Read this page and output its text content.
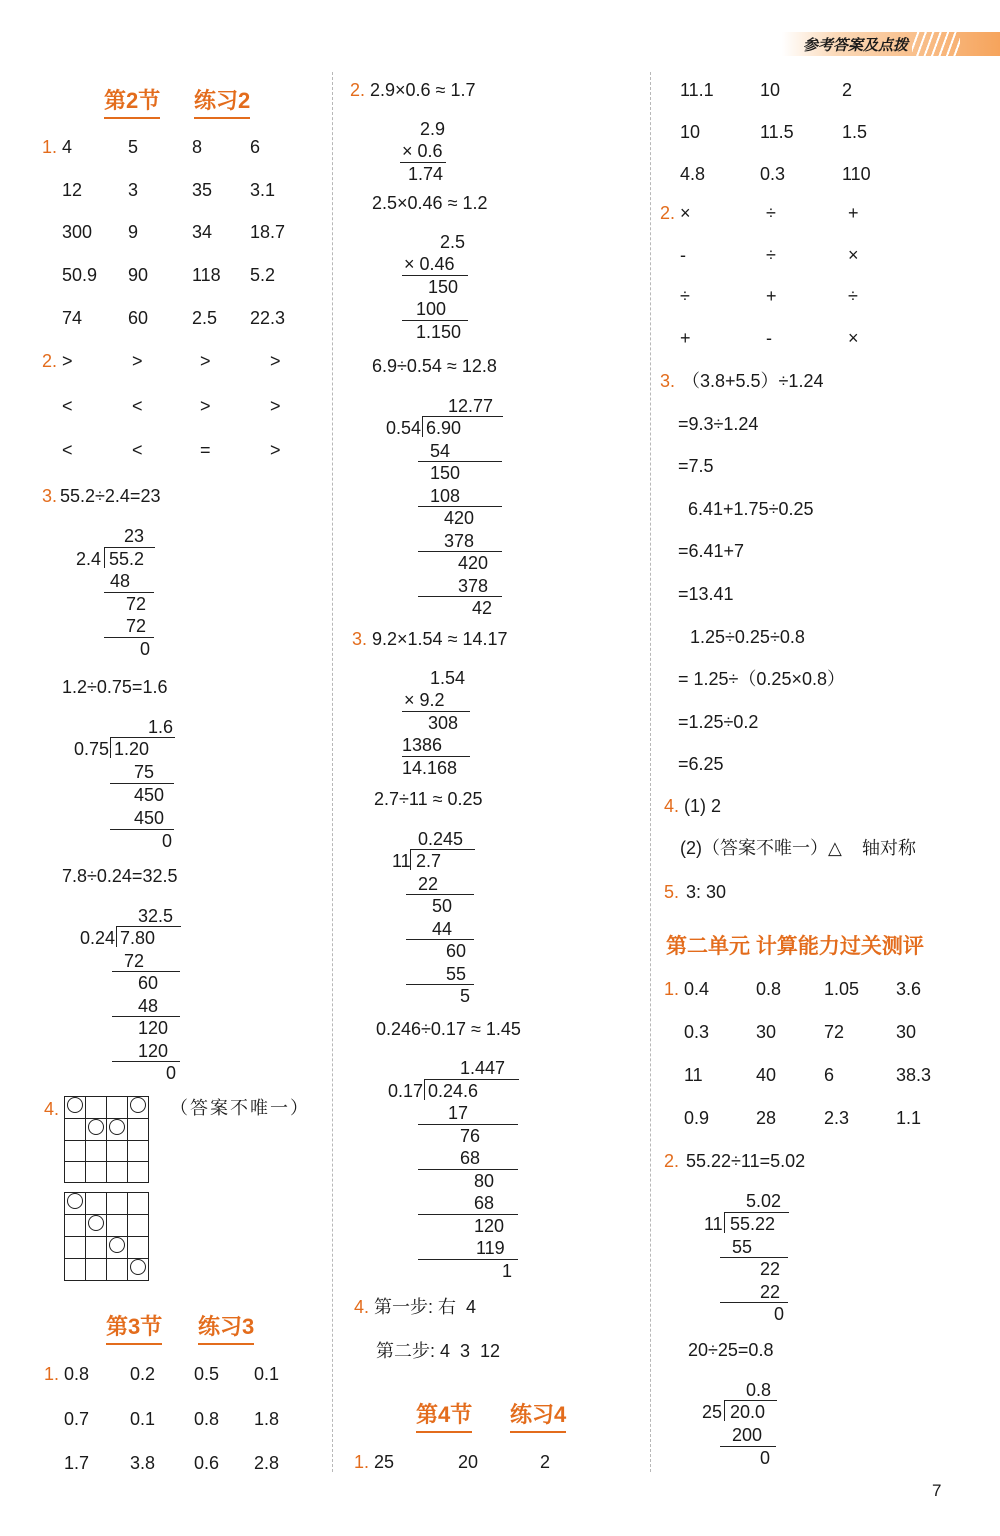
参考答案及点拨
第2节 练习2
1. 4	5	8	6
12	3	35 3.1
300 9	34 18.7
50.9 90 118 5.2
74	60 2.5 22.3
2. >	>	>	>
<	<	>	>
<	<	=	>
3. 55.2÷2.4=23
23
2.4 55.2
48
72
72
0
1.2÷0.75=1.6
1.6
0.75 1.20
75
450
450
0
7.8÷0.24=32.5
32.5
0.24 7.80
72
60
48
120
120
0
4.	（答案不唯一）

第3节 练习3
1. 0.8 0.2 0.5 0.1
0.7 0.1 0.8 1.8
1.7 3.8 0.6 2.8
2. 2.9×0.6 ≈ 1.7
2.9
× 0.6
1.74
2.5×0.46 ≈ 1.2
2.5
× 0.46
150
100
1.150
6.9÷0.54 ≈ 12.8
12.77
0.54 6.90
54
150
108
420
378
420
378
42
3. 9.2×1.54 ≈ 14.17
1.54
× 9.2
308
1386
14.168
2.7÷11 ≈ 0.25
0.245
11 2.7
22
50
44
60
55
5
0.246÷0.17 ≈ 1.45
1.447
0.17 0.24.6
17
76
68
80
68
120
119
1
4. 第一步: 右  4
第二步: 4  3  12
第4节 练习4
1. 25	20	2
11.1	10	2
10	11.5	1.5
4.8	0.3	110
2. ×	÷	+
-	÷	×
÷	+	÷
+	-	×
3. （3.8+5.5）÷1.24
=9.3÷1.24
=7.5
6.41+1.75÷0.25
=6.41+7
=13.41
1.25÷0.25÷0.8
= 1.25÷（0.25×0.8）
=1.25÷0.2
=6.25
4. (1) 2
(2)（答案不唯一）△ 轴对称
5. 3: 30
第二单元 计算能力过关测评
1. 0.4	0.8 1.05 3.6
0.3	30	72	30
11	40	6	38.3
0.9	28	2.3	1.1
2. 55.22÷11=5.02
5.02
11 55.22
55
22
22
0
20÷25=0.8
0.8
25 20.0
200
0
7
